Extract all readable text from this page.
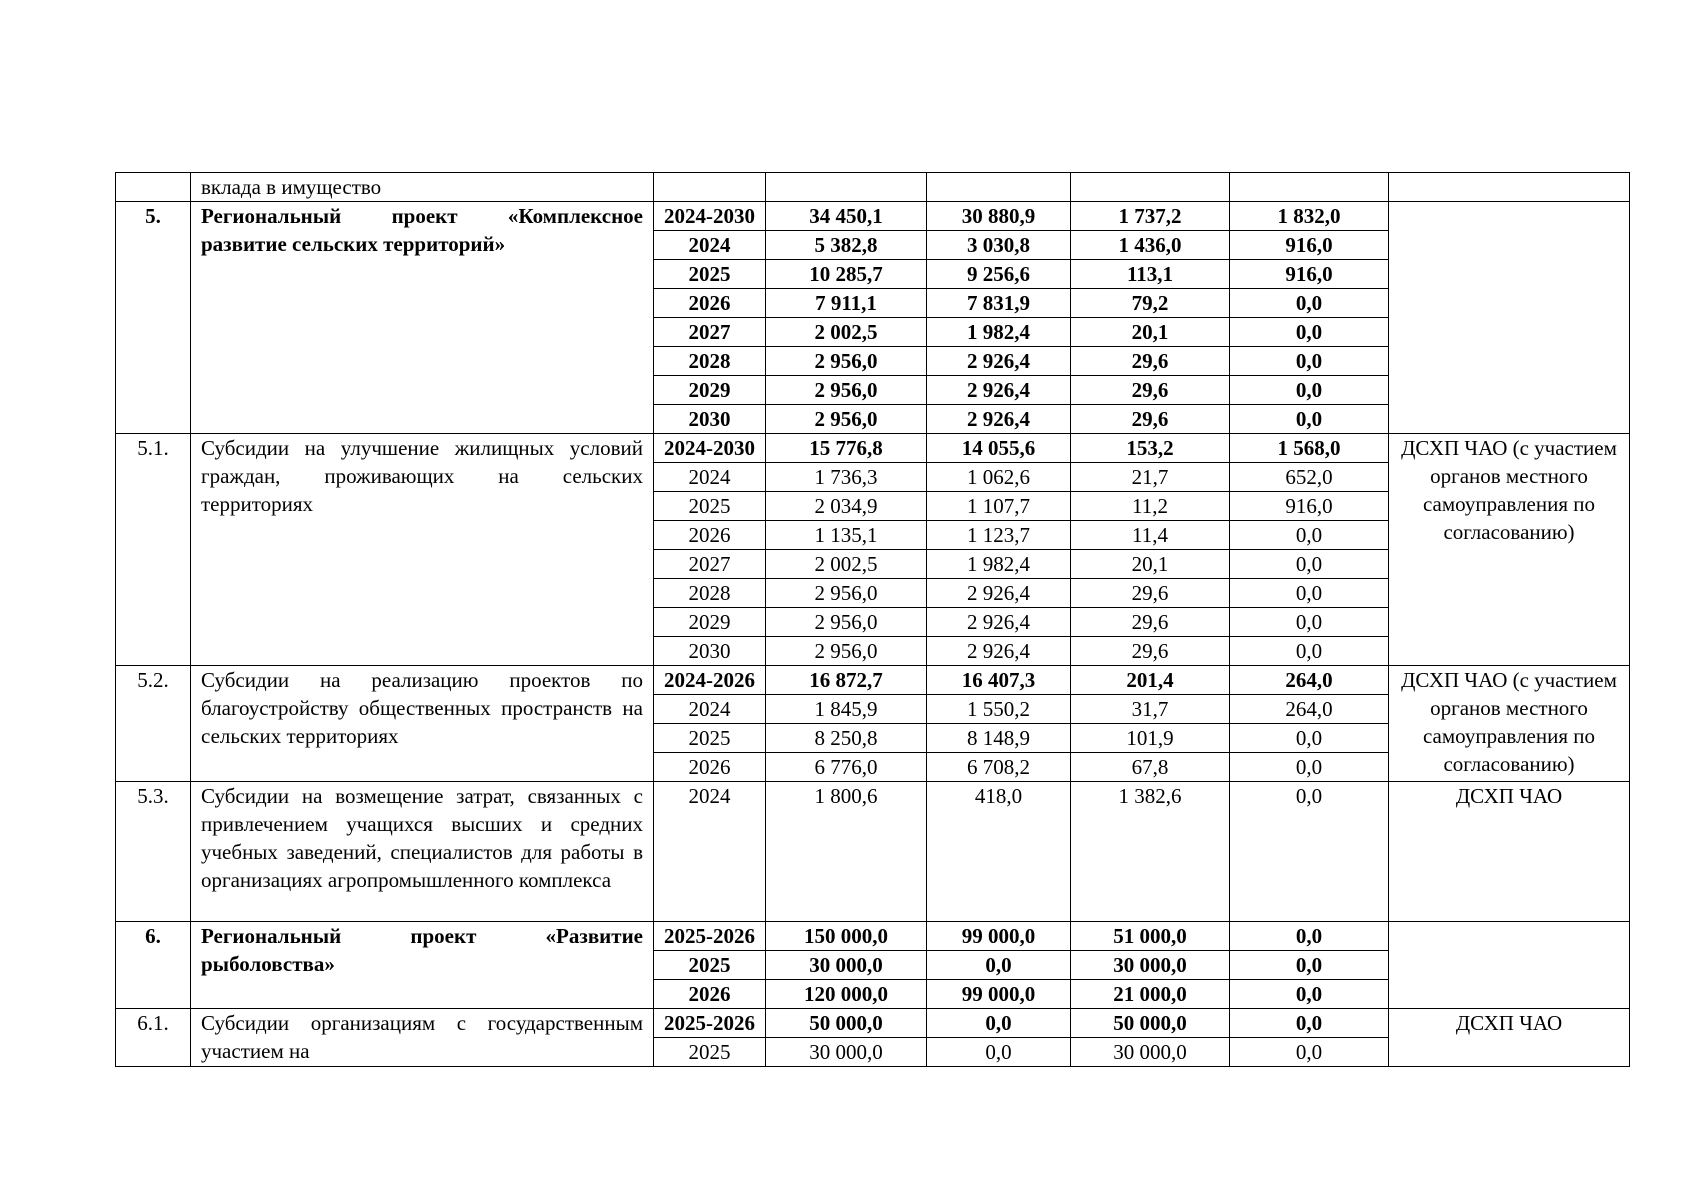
	вклада в имущество						
5.	Региональный проект «Комплексное развитие сельских территорий»	2024-2030	34 450,1	30 880,9	1 737,2	1 832,0	
		2024	5 382,8	3 030,8	1 436,0	916,0	
		2025	10 285,7	9 256,6	113,1	916,0	
		2026	7 911,1	7 831,9	79,2	0,0	
		2027	2 002,5	1 982,4	20,1	0,0	
		2028	2 956,0	2 926,4	29,6	0,0	
		2029	2 956,0	2 926,4	29,6	0,0	
		2030	2 956,0	2 926,4	29,6	0,0	
5.1.	Субсидии на улучшение жилищных условий граждан, проживающих на сельских территориях	2024-2030	15 776,8	14 055,6	153,2	1 568,0	ДСХП ЧАО (с участием органов местного самоуправления по согласованию)
		2024	1 736,3	1 062,6	21,7	652,0	
		2025	2 034,9	1 107,7	11,2	916,0	
		2026	1 135,1	1 123,7	11,4	0,0	
		2027	2 002,5	1 982,4	20,1	0,0	
		2028	2 956,0	2 926,4	29,6	0,0	
		2029	2 956,0	2 926,4	29,6	0,0	
		2030	2 956,0	2 926,4	29,6	0,0	
5.2.	Субсидии на реализацию проектов по благоустройству общественных пространств на сельских территориях	2024-2026	16 872,7	16 407,3	201,4	264,0	ДСХП ЧАО (с участием органов местного самоуправления по согласованию)
		2024	1 845,9	1 550,2	31,7	264,0	
		2025	8 250,8	8 148,9	101,9	0,0	
		2026	6 776,0	6 708,2	67,8	0,0	
5.3.	Субсидии на возмещение затрат, связанных с привлечением учащихся высших и средних учебных заведений, специалистов для работы в организациях агропромышленного комплекса	2024	1 800,6	418,0	1 382,6	0,0	ДСХП ЧАО
6.	Региональный проект «Развитие рыболовства»	2025-2026	150 000,0	99 000,0	51 000,0	0,0	
		2025	30 000,0	0,0	30 000,0	0,0	
		2026	120 000,0	99 000,0	21 000,0	0,0	
6.1.	Субсидии организациям с государственным участием на	2025-2026	50 000,0	0,0	50 000,0	0,0	ДСХП ЧАО
		2025	30 000,0	0,0	30 000,0	0,0	
